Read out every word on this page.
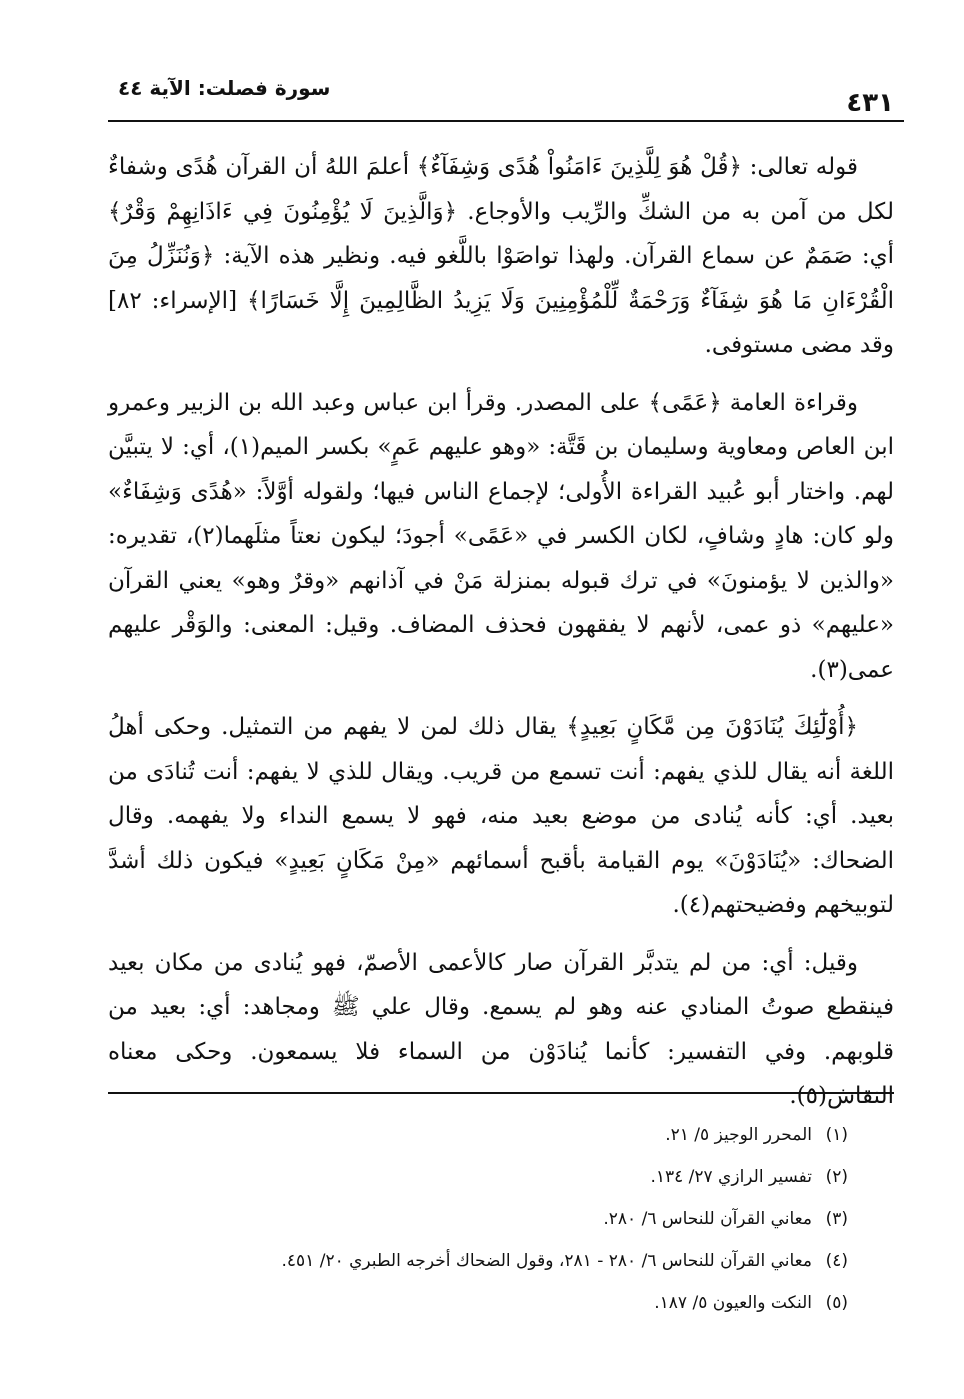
٤٣١
سورة فصلت: الآية ٤٤

قوله تعالى: ﴿قُلْ هُوَ لِلَّذِينَ ءَامَنُواْ هُدًى وَشِفَآءٌ﴾ أعلمَ اللهُ أن القرآن هُدًى وشفاءٌ لكل من آمن به من الشكِّ والرِّيب والأوجاع. ﴿وَالَّذِينَ لَا يُؤْمِنُونَ فِي ءَاذَانِهِمْ وَقْرٌ﴾ أي: صَمَمٌ عن سماع القرآن. ولهذا تواصَوْا باللَّغو فيه. ونظير هذه الآية: ﴿وَنُنَزِّلُ مِنَ الْقُرْءَانِ مَا هُوَ شِفَآءٌ وَرَحْمَةٌ لِّلْمُؤْمِنِينَ وَلَا يَزِيدُ الظَّالِمِينَ إِلَّا خَسَارًا﴾ [الإسراء: ٨٢] وقد مضى مستوفى.

وقراءة العامة ﴿عَمًى﴾ على المصدر. وقرأ ابن عباس وعبد الله بن الزبير وعمرو ابن العاص ومعاوية وسليمان بن قَتَّة: «وهو عليهم عَمٍ» بكسر الميم(١)، أي: لا يتبيَّن لهم. واختار أبو عُبيد القراءة الأُولى؛ لإجماع الناس فيها؛ ولقوله أوَّلاً: «هُدًى وَشِفَاءٌ» ولو كان: هادٍ وشافٍ، لكان الكسر في «عَمًى» أجودَ؛ ليكون نعتاً مثلَهما(٢)، تقديره: «والذين لا يؤمنونَ» في ترك قبوله بمنزلة مَنْ في آذانهم «وقرٌ وهو» يعني القرآن «عليهم» ذو عمى، لأنهم لا يفقهون فحذف المضاف. وقيل: المعنى: والوَقْر عليهم عمى(٣).

﴿أُوْلَٰٓئِكَ يُنَادَوْنَ مِن مَّكَانٍ بَعِيدٍ﴾ يقال ذلك لمن لا يفهم من التمثيل. وحكى أهلُ اللغة أنه يقال للذي يفهم: أنت تسمع من قريب. ويقال للذي لا يفهم: أنت تُنادَى من بعيد. أي: كأنه يُنادى من موضع بعيد منه، فهو لا يسمع النداء ولا يفهمه. وقال الضحاك: «يُنَادَوْنَ» يوم القيامة بأقبح أسمائهم «مِنْ مَكَانٍ بَعِيدٍ» فيكون ذلك أشدَّ لتوبيخهم وفضيحتهم(٤).

وقيل: أي: من لم يتدبَّر القرآن صار كالأعمى الأصمّ، فهو يُنادى من مكان بعيد فينقطع صوتُ المنادي عنه وهو لم يسمع. وقال علي ﷺ ومجاهد: أي: بعيد من قلوبهم. وفي التفسير: كأنما يُنادَوْن من السماء فلا يسمعون. وحكى معناه النقاش(٥).

(١)
المحرر الوجيز ٥/ ٢١.
(٢)
تفسير الرازي ٢٧/ ١٣٤.
(٣)
معاني القرآن للنحاس ٦/ ٢٨٠.
(٤)
معاني القرآن للنحاس ٦/ ٢٨٠ - ٢٨١، وقول الضحاك أخرجه الطبري ٢٠/ ٤٥١.
(٥)
النكت والعيون ٥/ ١٨٧.
